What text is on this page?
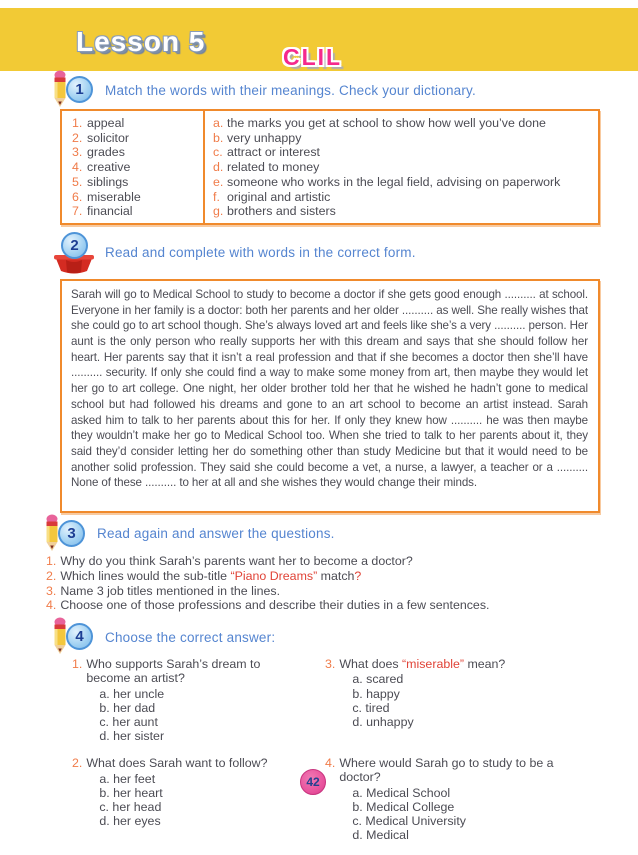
Lesson 5	CLIL
1	Match the words with their meanings. Check your dictionary.
1. appeal
2. solicitor
3. grades
4. creative
5. siblings
6. miserable
7. financial
a. the marks you get at school to show how well you’ve done
b. very unhappy
c. attract or interest
d. related to money
e. someone who works in the legal field, advising on paperwork
f. original and artistic
g. brothers and sisters
2	Read and complete with words in the correct form.
Sarah will go to Medical School to study to become a doctor if she gets good enough .......... at school. Everyone in her family is a doctor: both her parents and her older .......... as well. She really wishes that she could go to art school though. She’s always loved art and feels like she’s a very .......... person. Her aunt is the only person who really supports her with this dream and says that she should follow her heart. Her parents say that it isn’t a real profession and that if she becomes a doctor then she’ll have .......... security. If only she could find a way to make some money from art, then maybe they would let her go to art college. One night, her older brother told her that he wished he hadn’t gone to medical school but had followed his dreams and gone to an art school to become an artist instead. Sarah asked him to talk to her parents about this for her. If only they knew how .......... he was then maybe they wouldn’t make her go to Medical School too. When she tried to talk to her parents about it, they said they’d consider letting her do something other than study Medicine but that it would need to be another solid profession. They said she could become a vet, a nurse, a lawyer, a teacher or a .......... None of these .......... to her at all and she wishes they would change their minds.
3	Read again and answer the questions.
1. Why do you think Sarah’s parents want her to become a doctor?
2. Which lines would the sub-title “Piano Dreams” match?
3. Name 3 job titles mentioned in the lines.
4. Choose one of those professions and describe their duties in a few sentences.
4	Choose the correct answer:
1. Who supports Sarah’s dream to become an artist?
a. her uncle
b. her dad
c. her aunt
d. her sister
2. What does Sarah want to follow?
a. her feet
b. her heart
c. her head
d. her eyes
3. What does “miserable” mean?
a. scared
b. happy
c. tired
d. unhappy
4. Where would Sarah go to study to be a doctor?
a. Medical School
b. Medical College
c. Medical University
d. Medical
42
